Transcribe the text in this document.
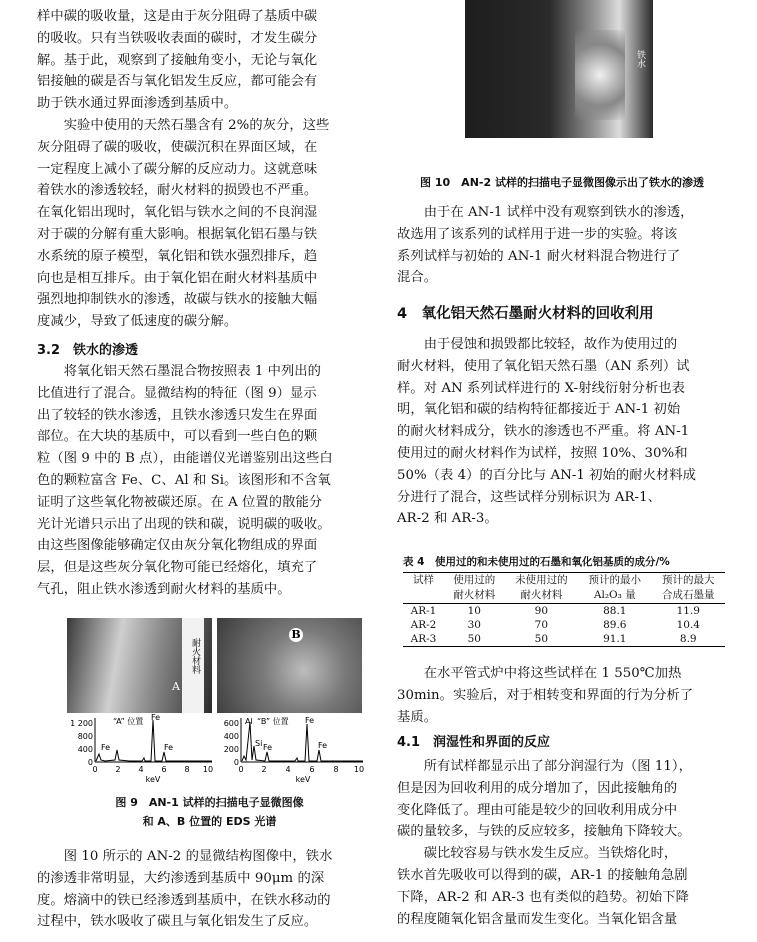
样中碳的吸收量，这是由于灰分阻碍了基质中碳
的吸收。只有当铁吸收表面的碳时，才发生碳分
解。基于此，观察到了接触角变小，无论与氧化
铝接触的碳是否与氧化铝发生反应，都可能会有
助于铁水通过界面渗透到基质中。
　　实验中使用的天然石墨含有 2%的灰分，这些
灰分阻碍了碳的吸收，使碳沉积在界面区域，在
一定程度上减小了碳分解的反应动力。这就意味
着铁水的渗透较轻，耐火材料的损毁也不严重。
在氧化铝出现时，氧化铝与铁水之间的不良润湿
对于碳的分解有重大影响。根据氧化铝石墨与铁
水系统的原子模型，氧化铝和铁水强烈排斥，趋
向也是相互排斥。由于氧化铝在耐火材料基质中
强烈地抑制铁水的渗透，故碳与铁水的接触大幅
度减少，导致了低速度的碳分解。
3.2　铁水的渗透
　　将氧化铝天然石墨混合物按照表 1 中列出的
比值进行了混合。显微结构的特征（图 9）显示
出了较轻的铁水渗透，且铁水渗透只发生在界面
部位。在大块的基质中，可以看到一些白色的颗
粒（图 9 中的 B 点），由能谱仪光谱鉴别出这些白
色的颗粒富含 Fe、C、Al 和 Si。该图形和不含氧
证明了这些氧化物被碳还原。在 A 位置的散能分
光计光谱只示出了出现的铁和碳，说明碳的吸收。
由这些图像能够确定仅由灰分氧化物组成的界面
层，但是这些灰分氧化物可能已经熔化，填充了
气孔，阻止铁水渗透到耐火材料的基质中。
耐火材料
A
B
1 200
800
400
0
“A” 位置 Fe
Fe
Fe
0 2 4 6 8 10
keV
600
400
200
0
Al “B” 位置
Si Fe
Fe
Fe
0 2 4 6 8 10
keV
图 9　AN-1 试样的扫描电子显微图像
和 A、B 位置的 EDS 光谱
　　图 10 所示的 AN-2 的显微结构图像中，铁水
的渗透非常明显，大约渗透到基质中 90μm 的深
度。熔滴中的铁已经渗透到基质中，在铁水移动的
过程中，铁水吸收了碳且与氧化铝发生了反应。
铁水
图 10　AN-2 试样的扫描电子显微图像示出了铁水的渗透
　　由于在 AN-1 试样中没有观察到铁水的渗透，
故选用了该系列的试样用于进一步的实验。将该
系列试样与初始的 AN-1 耐火材料混合物进行了
混合。
4　氧化铝天然石墨耐火材料的回收利用
　　由于侵蚀和损毁都比较轻，故作为使用过的
耐火材料，使用了氧化铝天然石墨（AN 系列）试
样。对 AN 系列试样进行的 X-射线衍射分析也表
明，氧化铝和碳的结构特征都接近于 AN-1 初始
的耐火材料成分，铁水的渗透也不严重。将 AN-1
使用过的耐火材料作为试样，按照 10%、30%和
50%（表 4）的百分比与 AN-1 初始的耐火材料成
分进行了混合，这些试样分别标识为 AR-1、
AR-2 和 AR-3。
表 4　使用过的和未使用过的石墨和氧化铝基质的成分/%
试样	使用过的	未使用过的	预计的最小	预计的最大
	耐火材料	耐火材料	Al₂O₃ 量	合成石墨量
AR-1	10	90	88.1	11.9
AR-2	30	70	89.6	10.4
AR-3	50	50	91.1	8.9
　　在水平管式炉中将这些试样在 1 550℃加热
30min。实验后，对于相转变和界面的行为分析了
基质。
4.1　润湿性和界面的反应
　　所有试样都显示出了部分润湿行为（图 11），
但是因为回收利用的成分增加了，因此接触角的
变化降低了。理由可能是较少的回收利用成分中
碳的量较多，与铁的反应较多，接触角下降较大。
　　碳比较容易与铁水发生反应。当铁熔化时，
铁水首先吸收可以得到的碳，AR-1 的接触角急剧
下降，AR-2 和 AR-3 也有类似的趋势。初始下降
的程度随氧化铝含量而发生变化。当氧化铝含量
